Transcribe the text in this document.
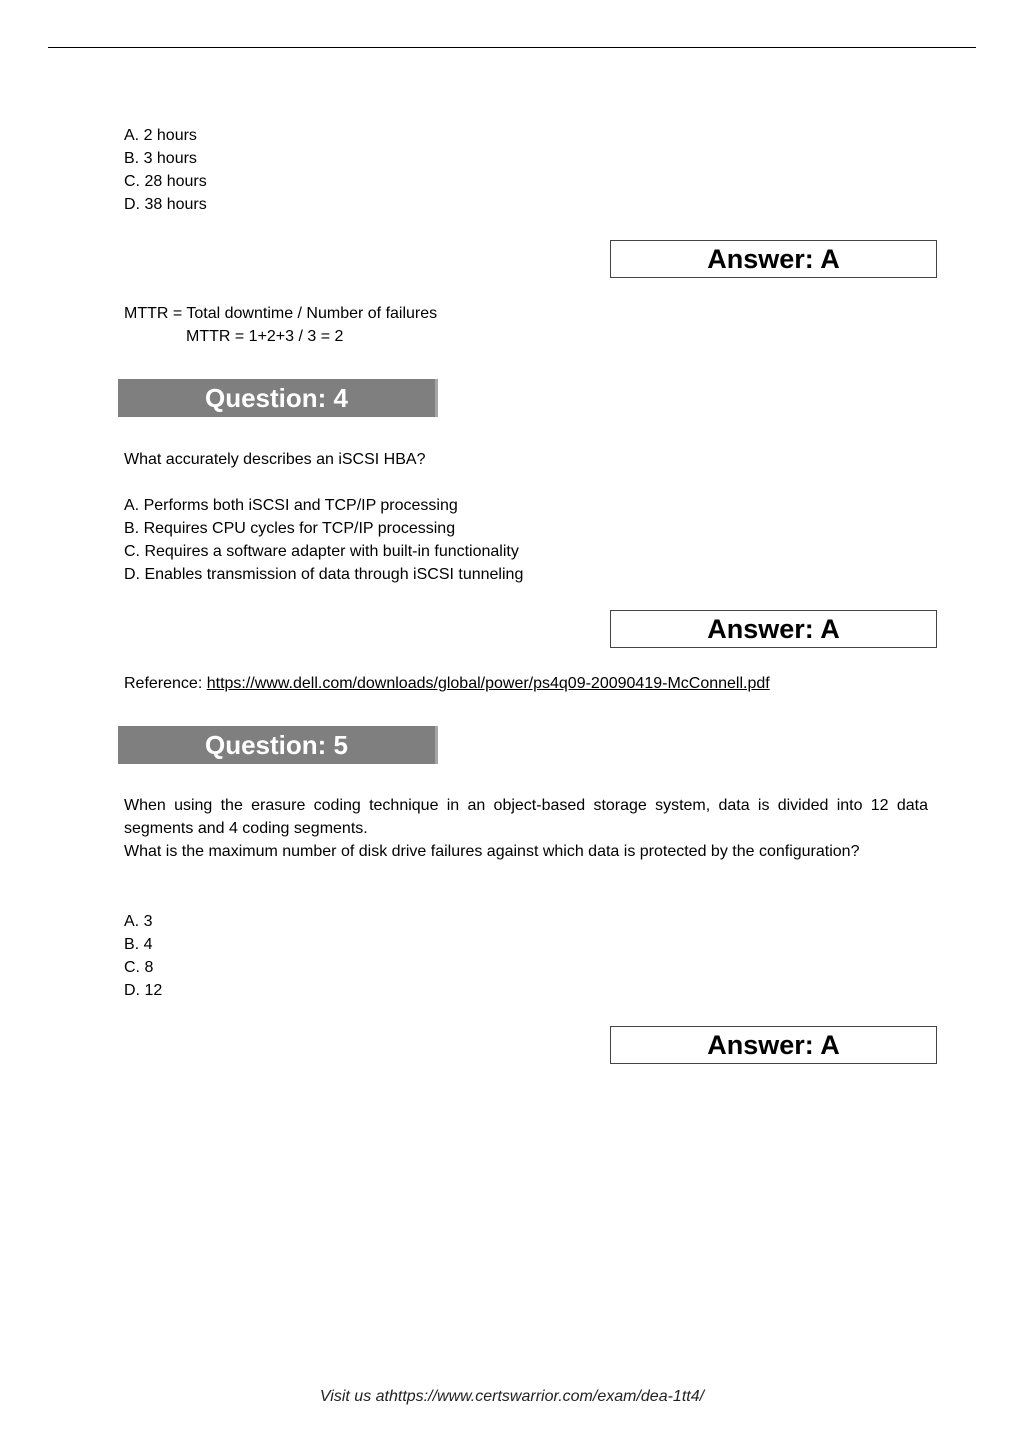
A. 2 hours
B. 3 hours
C. 28 hours
D. 38 hours
Answer: A
MTTR = Total downtime / Number of failures
MTTR = 1+2+3 / 3 = 2
Question: 4
What accurately describes an iSCSI HBA?
A. Performs both iSCSI and TCP/IP processing
B. Requires CPU cycles for TCP/IP processing
C. Requires a software adapter with built-in functionality
D. Enables transmission of data through iSCSI tunneling
Answer: A
Reference: https://www.dell.com/downloads/global/power/ps4q09-20090419-McConnell.pdf
Question: 5
When using the erasure coding technique in an object-based storage system, data is divided into 12 data segments and 4 coding segments.
What is the maximum number of disk drive failures against which data is protected by the configuration?
A. 3
B. 4
C. 8
D. 12
Answer: A
Visit us athttps://www.certswarrior.com/exam/dea-1tt4/
